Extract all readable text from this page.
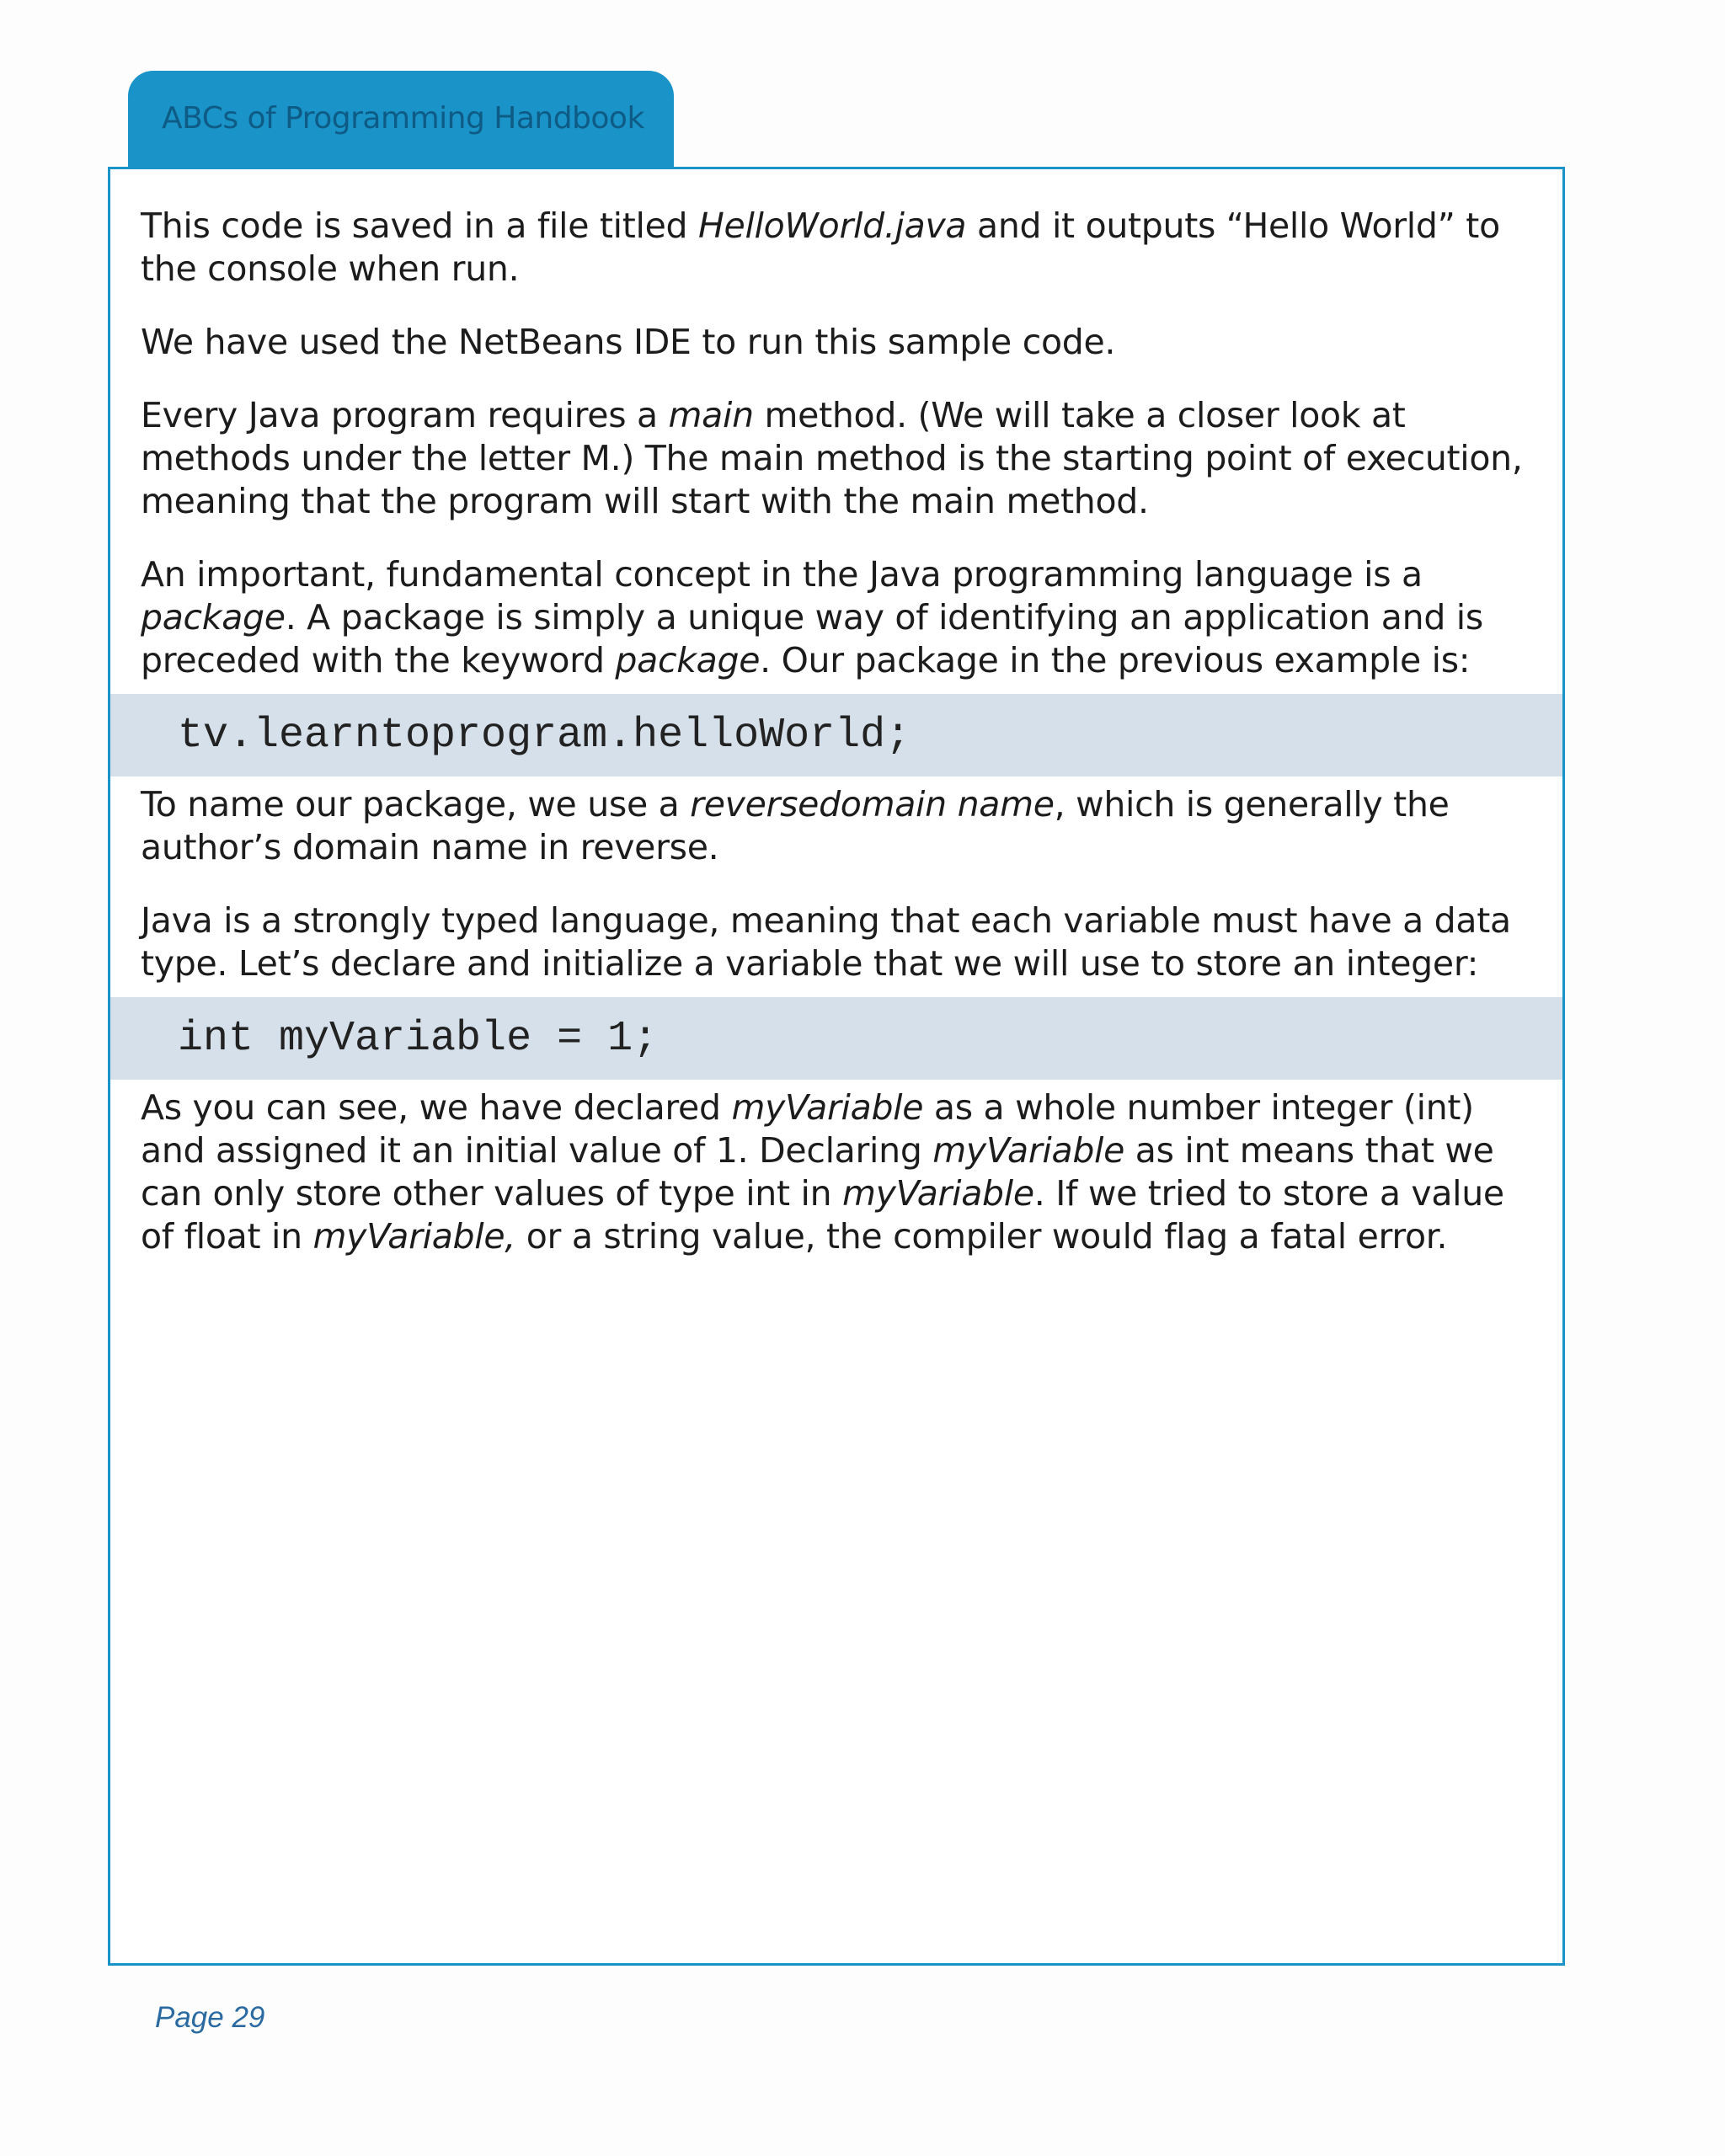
ABCs of Programming Handbook

This code is saved in a file titled HelloWorld.java and it outputs “Hello World” to the console when run.

We have used the NetBeans IDE to run this sample code.

Every Java program requires a main method. (We will take a closer look at methods under the letter M.) The main method is the starting point of execution, meaning that the program will start with the main method.

An important, fundamental concept in the Java programming language is a package. A package is simply a unique way of identifying an application and is preceded with the keyword package. Our package in the previous example is:

tv.learntoprogram.helloWorld;

To name our package, we use a reversedomain name, which is generally the author’s domain name in reverse.

Java is a strongly typed language, meaning that each variable must have a data type. Let’s declare and initialize a variable that we will use to store an integer:

int myVariable = 1;

As you can see, we have declared myVariable as a whole number integer (int) and assigned it an initial value of 1. Declaring myVariable as int means that we can only store other values of type int in myVariable. If we tried to store a value of float in myVariable, or a string value, the compiler would flag a fatal error.

Page 29
